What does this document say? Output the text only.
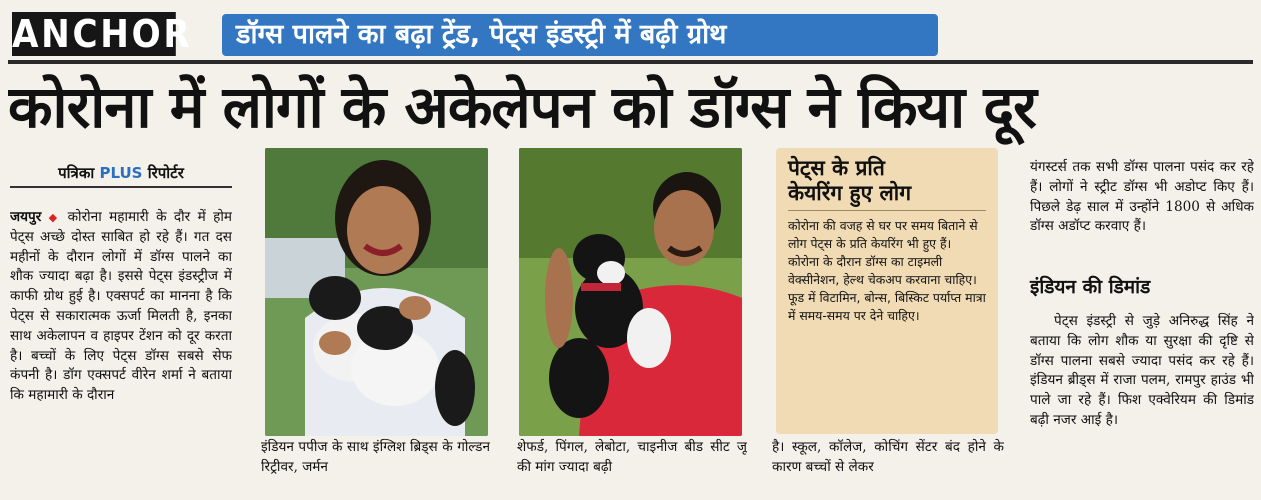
ANCHOR	डॉग्स पालने का बढ़ा ट्रेंड, पेट्स इंडस्ट्री में बढ़ी ग्रोथ
कोरोना में लोगों के अकेलेपन को डॉग्स ने किया दूर
पत्रिका PLUS रिपोर्टर
जयपुर ◆ कोरोना महामारी के दौर में होम पेट्स अच्छे दोस्त साबित हो रहे हैं। गत दस महीनों के दौरान लोगों में डॉग्स पालने का शौक ज्यादा बढ़ा है। इससे पेट्स इंडस्ट्रीज में काफी ग्रोथ हुई है। एक्सपर्ट का मानना है कि पेट्स से सकारात्मक ऊर्जा मिलती है, इनका साथ अकेलापन व हाइपर टेंशन को दूर करता है। बच्चों के लिए पेट्स डॉग्स सबसे सेफ कंपनी है। डॉग एक्सपर्ट वीरेन शर्मा ने बताया कि महामारी के दौरान
इंडियन पपीज के साथ इंग्लिश ब्रिड्स के गोल्डन रिट्रीवर, जर्मन
शेफर्ड, पिंगल, लेबोटा, चाइनीज बीड सीट जू की मांग ज्यादा बढ़ी
पेट्स के प्रति
केयरिंग हुए लोग
कोरोना की वजह से घर पर समय बिताने से लोग पेट्स के प्रति केयरिंग भी हुए हैं। कोरोना के दौरान डॉग्स का टाइमली वेक्सीनेशन, हेल्थ चेकअप करवाना चाहिए। फूड में विटामिन, बोन्स, बिस्किट पर्याप्त मात्रा में समय-समय पर देने चाहिए।
है। स्कूल, कॉलेज, कोचिंग सेंटर बंद होने के कारण बच्चों से लेकर
यंगस्टर्स तक सभी डॉग्स पालना पसंद कर रहे हैं। लोगों ने स्ट्रीट डॉग्स भी अडोप्ट किए हैं। पिछले डेढ़ साल में उन्होंने 1800 से अधिक डॉग्स अडॉप्ट करवाए हैं।
इंडियन की डिमांड
पेट्स इंडस्ट्री से जुड़े अनिरुद्ध सिंह ने बताया कि लोग शौक या सुरक्षा की दृष्टि से डॉग्स पालना सबसे ज्यादा पसंद कर रहे हैं। इंडियन ब्रीड्स में राजा पलम, रामपुर हाउंड भी पाले जा रहे हैं। फिश एक्वेरियम की डिमांड बढ़ी नजर आई है।
